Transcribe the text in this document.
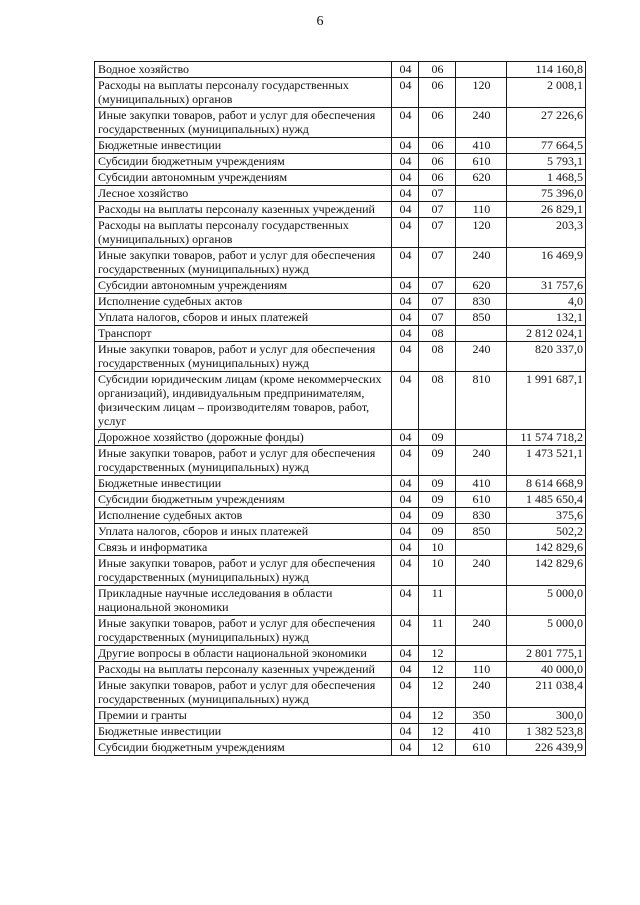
6
Водное хозяйство	04	06		114 160,8
Расходы на выплаты персоналу государственных (муниципальных) органов	04	06	120	2 008,1
Иные закупки товаров, работ и услуг для обеспечения государственных (муниципальных) нужд	04	06	240	27 226,6
Бюджетные инвестиции	04	06	410	77 664,5
Субсидии бюджетным учреждениям	04	06	610	5 793,1
Субсидии автономным учреждениям	04	06	620	1 468,5
Лесное хозяйство	04	07		75 396,0
Расходы на выплаты персоналу казенных учреждений	04	07	110	26 829,1
Расходы на выплаты персоналу государственных (муниципальных) органов	04	07	120	203,3
Иные закупки товаров, работ и услуг для обеспечения государственных (муниципальных) нужд	04	07	240	16 469,9
Субсидии автономным учреждениям	04	07	620	31 757,6
Исполнение судебных актов	04	07	830	4,0
Уплата налогов, сборов и иных платежей	04	07	850	132,1
Транспорт	04	08		2 812 024,1
Иные закупки товаров, работ и услуг для обеспечения государственных (муниципальных) нужд	04	08	240	820 337,0
Субсидии юридическим лицам (кроме некоммерческих организаций), индивидуальным предпринимателям, физическим лицам – производителям товаров, работ, услуг	04	08	810	1 991 687,1
Дорожное хозяйство (дорожные фонды)	04	09		11 574 718,2
Иные закупки товаров, работ и услуг для обеспечения государственных (муниципальных) нужд	04	09	240	1 473 521,1
Бюджетные инвестиции	04	09	410	8 614 668,9
Субсидии бюджетным учреждениям	04	09	610	1 485 650,4
Исполнение судебных актов	04	09	830	375,6
Уплата налогов, сборов и иных платежей	04	09	850	502,2
Связь и информатика	04	10		142 829,6
Иные закупки товаров, работ и услуг для обеспечения государственных (муниципальных) нужд	04	10	240	142 829,6
Прикладные научные исследования в области национальной экономики	04	11		5 000,0
Иные закупки товаров, работ и услуг для обеспечения государственных (муниципальных) нужд	04	11	240	5 000,0
Другие вопросы в области национальной экономики	04	12		2 801 775,1
Расходы на выплаты персоналу казенных учреждений	04	12	110	40 000,0
Иные закупки товаров, работ и услуг для обеспечения государственных (муниципальных) нужд	04	12	240	211 038,4
Премии и гранты	04	12	350	300,0
Бюджетные инвестиции	04	12	410	1 382 523,8
Субсидии бюджетным учреждениям	04	12	610	226 439,9
